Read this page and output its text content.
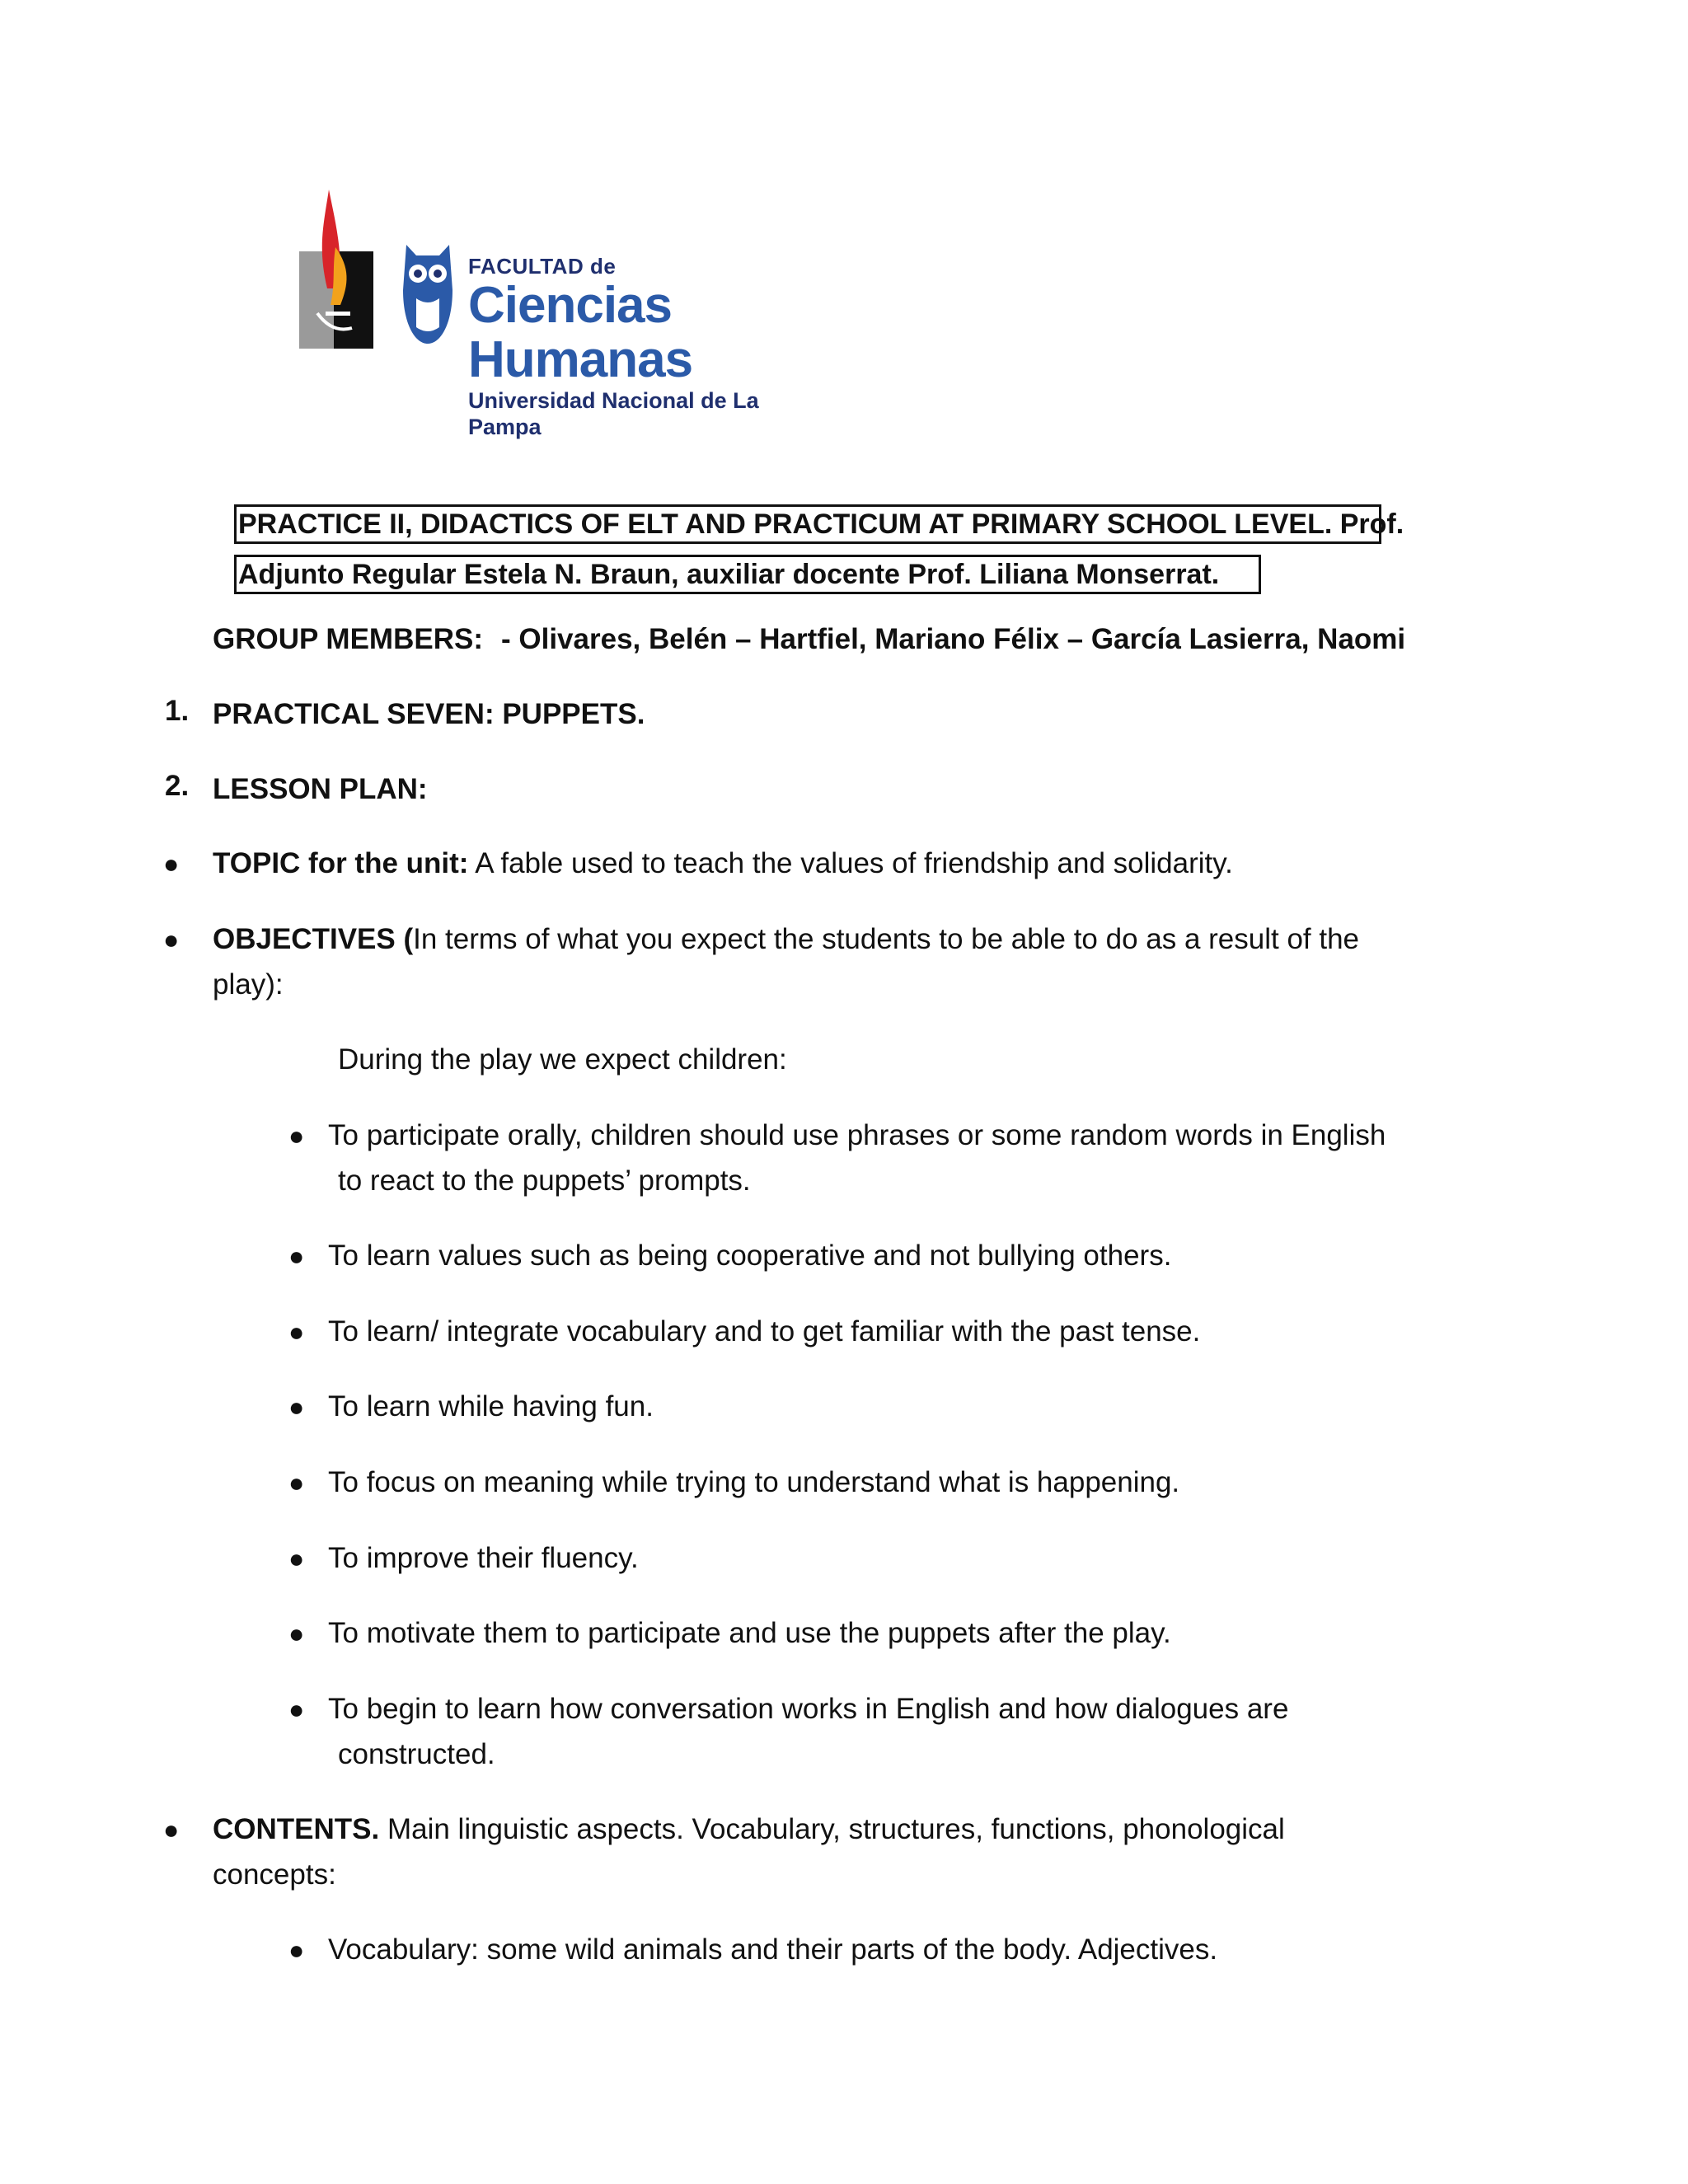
FACULTAD de
Ciencias Humanas
Universidad Nacional de La Pampa
PRACTICE II, DIDACTICS OF ELT AND PRACTICUM AT PRIMARY SCHOOL LEVEL. Prof.
Adjunto Regular Estela N. Braun, auxiliar docente Prof. Liliana Monserrat.
GROUP MEMBERS: - Olivares, Belén – Hartfiel, Mariano Félix – García Lasierra, Naomi
1. PRACTICAL SEVEN: PUPPETS.
2. LESSON PLAN:
● TOPIC for the unit: A fable used to teach the values of friendship and solidarity.
● OBJECTIVES (In terms of what you expect the students to be able to do as a result of the
play):
During the play we expect children:
● To participate orally, children should use phrases or some random words in English
to react to the puppets’ prompts.
● To learn values such as being cooperative and not bullying others.
● To learn/ integrate vocabulary and to get familiar with the past tense.
● To learn while having fun.
● To focus on meaning while trying to understand what is happening.
● To improve their fluency.
● To motivate them to participate and use the puppets after the play.
● To begin to learn how conversation works in English and how dialogues are
constructed.
● CONTENTS. Main linguistic aspects. Vocabulary, structures, functions, phonological
concepts:
● Vocabulary: some wild animals and their parts of the body. Adjectives.
